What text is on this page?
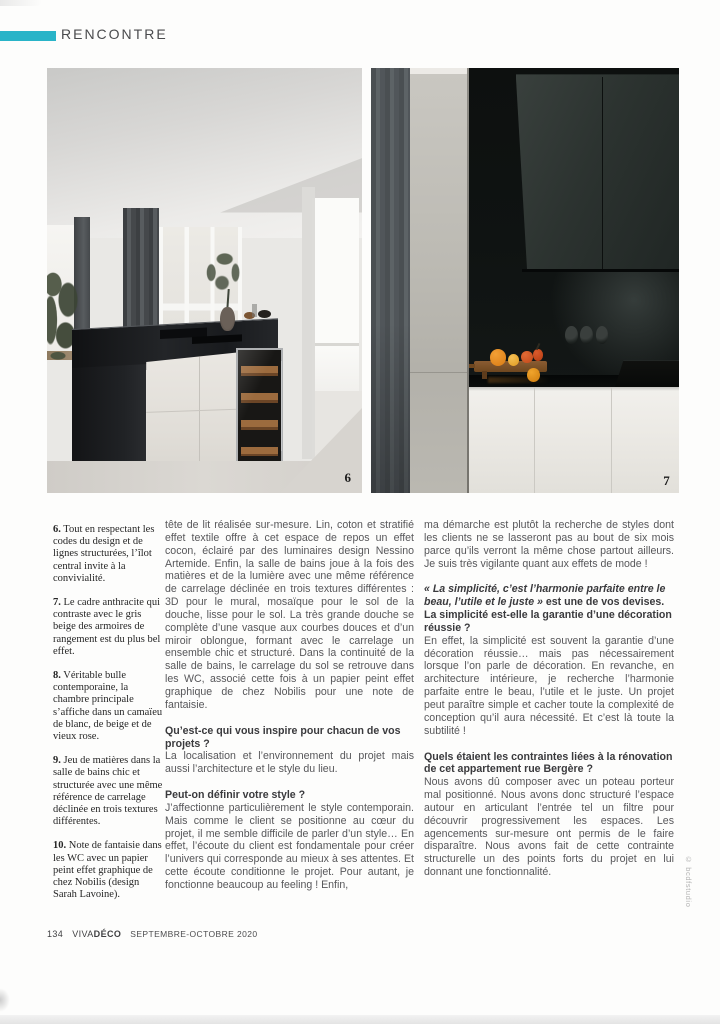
RENCONTRE
6	7

6. Tout en respectant les codes du design et de lignes structurées, l’îlot central invite à la convivialité.

7. Le cadre anthracite qui contraste avec le gris beige des armoires de rangement est du plus bel effet.

8. Véritable bulle contemporaine, la chambre principale s’affiche dans un camaïeu de blanc, de beige et de vieux rose.

9. Jeu de matières dans la salle de bains chic et structurée avec une même référence de carrelage déclinée en trois textures différentes.

10. Note de fantaisie dans les WC avec un papier peint effet graphique de chez Nobilis (design Sarah Lavoine).

tête de lit réalisée sur-mesure. Lin, coton et stratifié effet textile offre à cet espace de repos un effet cocon, éclairé par des luminaires design Nessino Artemide. Enfin, la salle de bains joue à la fois des matières et de la lumière avec une même référence de carrelage déclinée en trois textures différentes : 3D pour le mural, mosaïque pour le sol de la douche, lisse pour le sol. La très grande douche se complète d’une vasque aux courbes douces et d’un miroir oblongue, formant avec le carrelage un ensemble chic et structuré. Dans la continuité de la salle de bains, le carrelage du sol se retrouve dans les WC, associé cette fois à un papier peint effet graphique de chez Nobilis pour une note de fantaisie.

Qu’est-ce qui vous inspire pour chacun de vos projets ?

La localisation et l’environnement du projet mais aussi l’architecture et le style du lieu.

Peut-on définir votre style ?

J’affectionne particulièrement le style contemporain. Mais comme le client se positionne au cœur du projet, il me semble difficile de parler d’un style… En effet, l’écoute du client est fondamentale pour créer l’univers qui corresponde au mieux à ses attentes. Et cette écoute conditionne le projet. Pour autant, je fonctionne beaucoup au feeling ! Enfin,

ma démarche est plutôt la recherche de styles dont les clients ne se lasseront pas au bout de six mois parce qu’ils verront la même chose partout ailleurs. Je suis très vigilante quant aux effets de mode !

« La simplicité, c’est l’harmonie parfaite entre le beau, l’utile et le juste » est une de vos devises. La simplicité est-elle la garantie d’une décoration réussie ?

En effet, la simplicité est souvent la garantie d’une décoration réussie… mais pas nécessairement lorsque l’on parle de décoration. En revanche, en architecture intérieure, je recherche l’harmonie parfaite entre le beau, l’utile et le juste. Un projet peut paraître simple et cacher toute la complexité de conception qu’il aura nécessité. Et c’est là toute la subtilité !

Quels étaient les contraintes liées à la rénovation de cet appartement rue Bergère ?

Nous avons dû composer avec un poteau porteur mal positionné. Nous avons donc structuré l’espace autour en articulant l’entrée tel un filtre pour découvrir progressivement les espaces. Les agencements sur-mesure ont permis de le faire disparaître. Nous avons fait de cette contrainte structurelle un des points forts du projet en lui donnant une fonctionnalité.

134 VIVADÉCO SEPTEMBRE-OCTOBRE 2020
© bcdfstudio
